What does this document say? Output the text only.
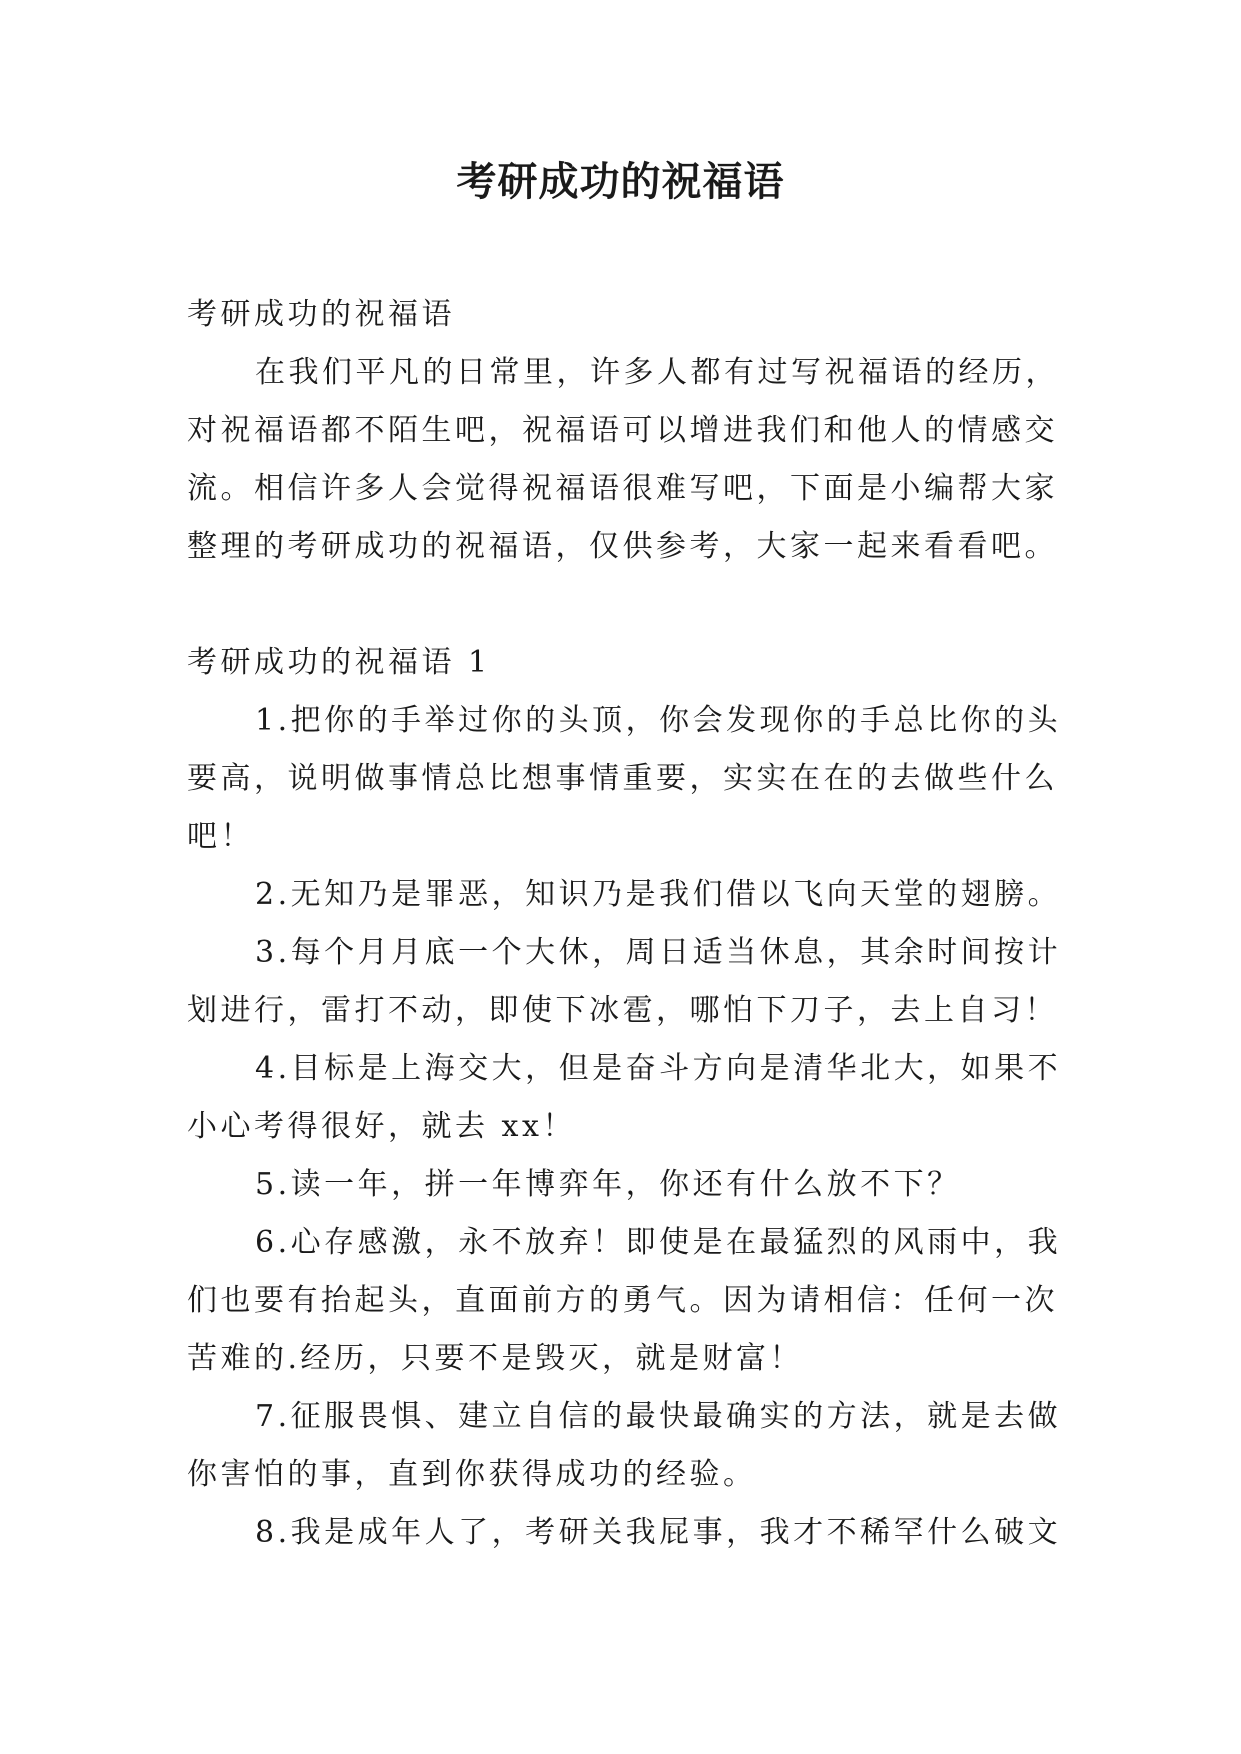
考研成功的祝福语

考研成功的祝福语

在我们平凡的日常里，许多人都有过写祝福语的经历，对祝福语都不陌生吧，祝福语可以增进我们和他人的情感交流。相信许多人会觉得祝福语很难写吧，下面是小编帮大家整理的考研成功的祝福语，仅供参考，大家一起来看看吧。

考研成功的祝福语 1

1.把你的手举过你的头顶，你会发现你的手总比你的头要高，说明做事情总比想事情重要，实实在在的去做些什么吧！

2.无知乃是罪恶，知识乃是我们借以飞向天堂的翅膀。

3.每个月月底一个大休，周日适当休息，其余时间按计划进行，雷打不动，即使下冰雹，哪怕下刀子，去上自习！

4.目标是上海交大，但是奋斗方向是清华北大，如果不小心考得很好，就去 xx！

5.读一年，拼一年博弈年，你还有什么放不下？

6.心存感激，永不放弃！即使是在最猛烈的风雨中，我们也要有抬起头，直面前方的勇气。因为请相信：任何一次苦难的.经历，只要不是毁灭，就是财富！

7.征服畏惧、建立自信的最快最确实的方法，就是去做你害怕的事，直到你获得成功的经验。

8.我是成年人了，考研关我屁事，我才不稀罕什么破文
